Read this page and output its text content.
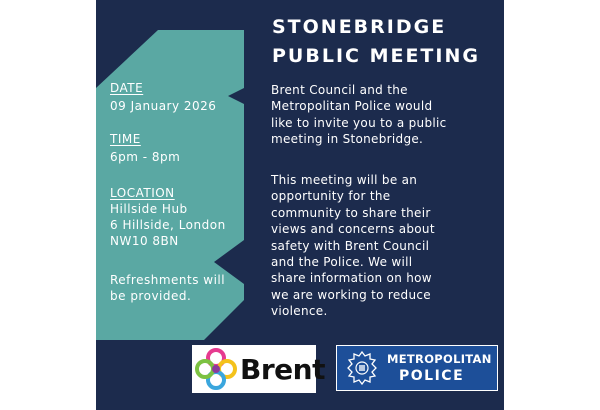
DATE
09 January 2026
TIME
6pm - 8pm
LOCATION
Hillside Hub
6 Hillside, London
NW10 8BN
Refreshments will
be provided.
STONEBRIDGE
PUBLIC MEETING
Brent Council and the
Metropolitan Police would
like to invite you to a public
meeting in Stonebridge.
This meeting will be an
opportunity for the
community to share their
views and concerns about
safety with Brent Council
and the Police. We will
share information on how
we are working to reduce
violence.
Brent	METROPOLITAN
POLICE
